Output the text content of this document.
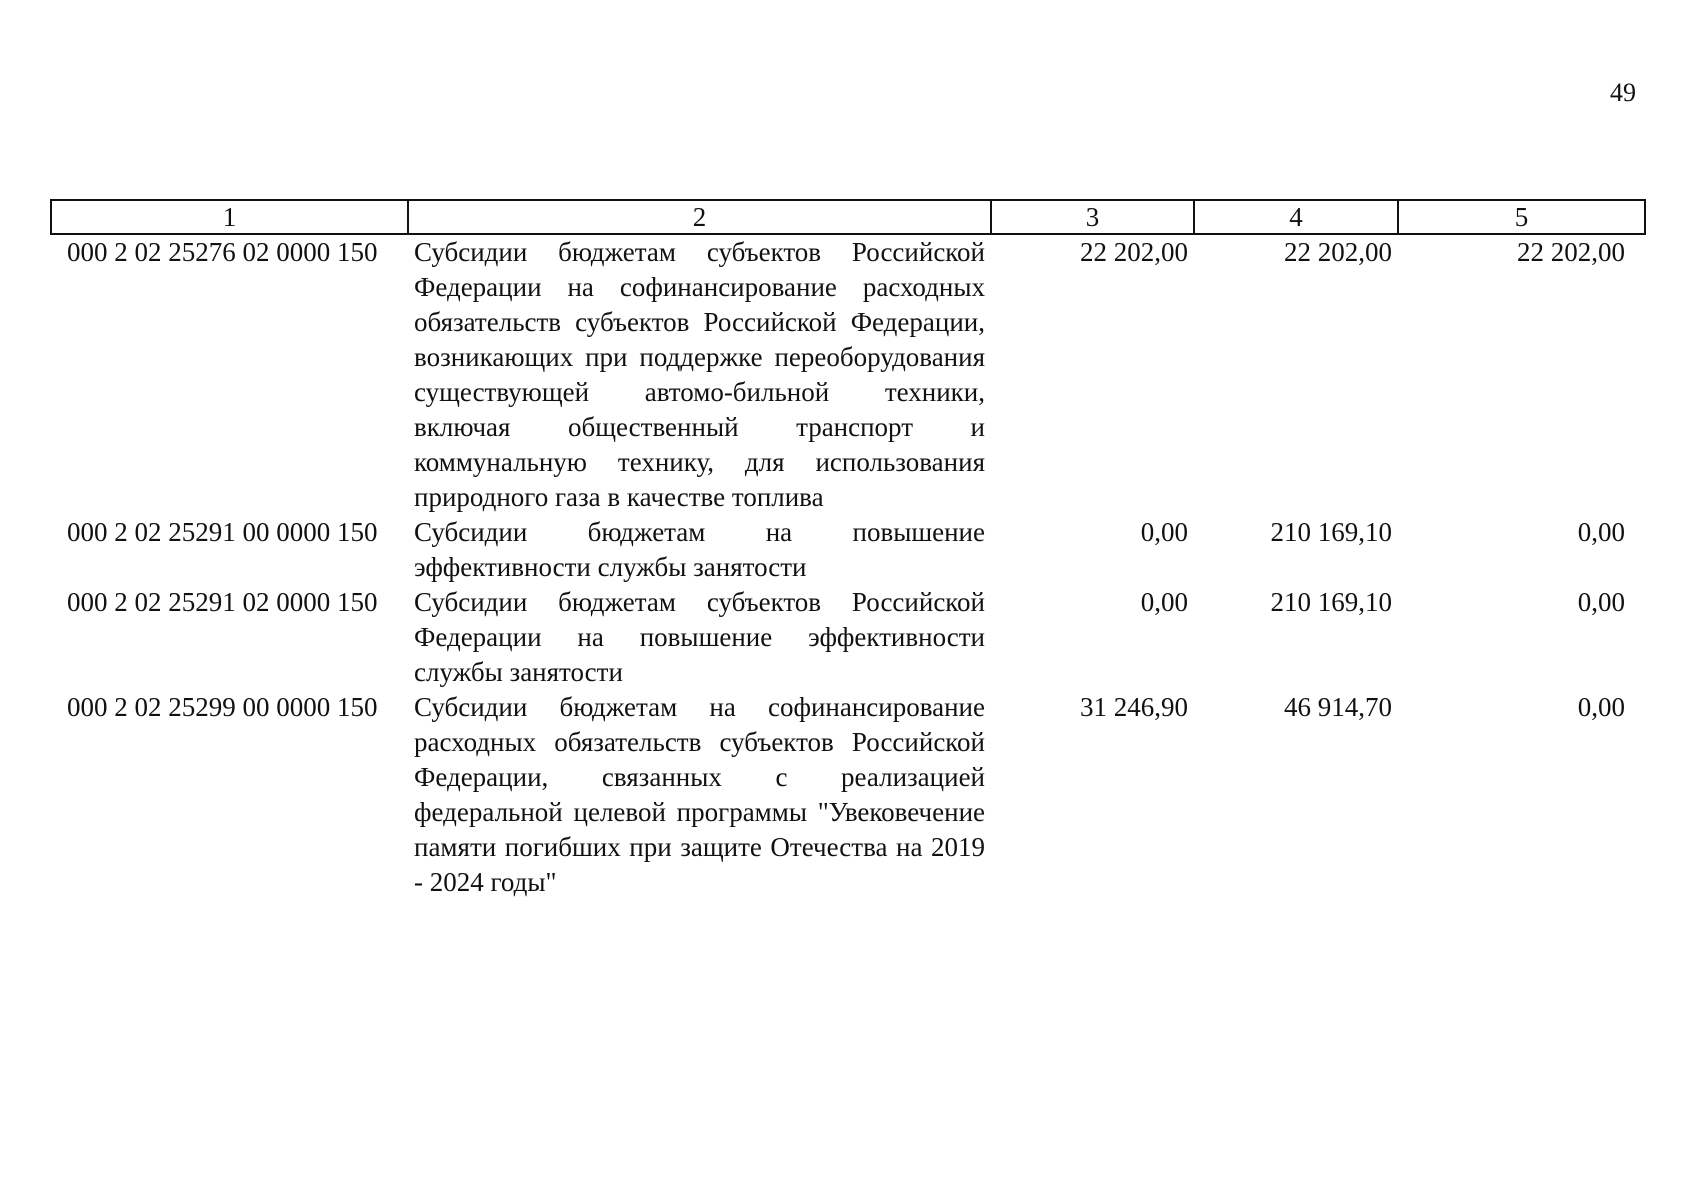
49
1	2	3	4	5
000 2 02 25276 02 0000 150	Субсидии бюджетам субъектов Российской Федерации на софинансирование расходных обязательств субъектов Российской Федерации, возникающих при поддержке переоборудования существующей автомо-бильной техники, включая общественный транспорт и коммунальную технику, для использования природного газа в качестве топлива	22 202,00	22 202,00	22 202,00
000 2 02 25291 00 0000 150	Субсидии бюджетам на повышение эффективности службы занятости	0,00	210 169,10	0,00
000 2 02 25291 02 0000 150	Субсидии бюджетам субъектов Российской Федерации на повышение эффективности службы занятости	0,00	210 169,10	0,00
000 2 02 25299 00 0000 150	Субсидии бюджетам на софинансирование расходных обязательств субъектов Российской Федерации, связанных с реализацией федеральной целевой программы "Увековечение памяти погибших при защите Отечества на 2019 - 2024 годы"	31 246,90	46 914,70	0,00
